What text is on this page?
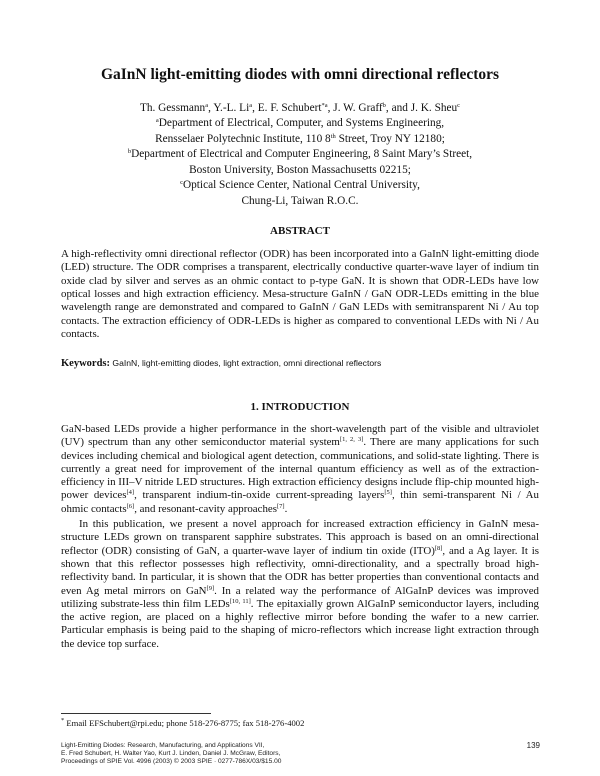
GaInN light-emitting diodes with omni directional reflectors
Th. Gessmann$^a$, Y.-L. Li$^a$, E. F. Schubert$^{*a}$, J. W. Graff$^b$, and J. K. Sheu$^c$
$^a$Department of Electrical, Computer, and Systems Engineering,
Rensselaer Polytechnic Institute, 110 8th Street, Troy NY 12180;
$^b$Department of Electrical and Computer Engineering, 8 Saint Mary’s Street,
Boston University, Boston Massachusetts 02215;
$^c$Optical Science Center, National Central University,
Chung-Li, Taiwan R.O.C.
ABSTRACT
A high-reflectivity omni directional reflector (ODR) has been incorporated into a GaInN light-emitting diode (LED) structure. The ODR comprises a transparent, electrically conductive quarter-wave layer of indium tin oxide clad by silver and serves as an ohmic contact to p-type GaN. It is shown that ODR-LEDs have low optical losses and high extraction efficiency. Mesa-structure GaInN / GaN ODR-LEDs emitting in the blue wavelength range are demonstrated and compared to GaInN / GaN LEDs with semitransparent Ni / Au top contacts. The extraction efficiency of ODR-LEDs is higher as compared to conventional LEDs with Ni / Au contacts.
Keywords: GaInN, light-emitting diodes, light extraction, omni directional reflectors
1. INTRODUCTION

GaN-based LEDs provide a higher performance in the short-wavelength part of the visible and ultraviolet (UV) spectrum than any other semiconductor material system[1, 2, 3]. There are many applications for such devices including chemical and biological agent detection, communications, and solid-state lighting. There is currently a great need for improvement of the internal quantum efficiency as well as of the extraction-efficiency in III–V nitride LED structures. High extraction efficiency designs include flip-chip mounted high-power devices[4], transparent indium-tin-oxide current-spreading layers[5], thin semi-transparent Ni / Au ohmic contacts[6], and resonant-cavity approaches[7].

In this publication, we present a novel approach for increased extraction efficiency in GaInN mesa-structure LEDs grown on transparent sapphire substrates. This approach is based on an omni-directional reflector (ODR) consisting of GaN, a quarter-wave layer of indium tin oxide (ITO)[8], and a Ag layer. It is shown that this reflector possesses high reflectivity, omni-directionality, and a spectrally broad high-reflectivity band. In particular, it is shown that the ODR has better properties than conventional contacts and even Ag metal mirrors on GaN[9]. In a related way the performance of AlGaInP devices was improved utilizing substrate-less thin film LEDs[10, 11]. The epitaxially grown AlGaInP semiconductor layers, including the active region, are placed on a highly reflective mirror before bonding the wafer to a new carrier. Particular emphasis is being paid to the shaping of micro-reflectors which increase light extraction through the device top surface.

* Email EFSchubert@rpi.edu; phone 518-276-8775; fax 518-276-4002
Light-Emitting Diodes: Research, Manufacturing, and Applications VII,
E. Fred Schubert, H. Walter Yao, Kurt J. Linden, Daniel J. McGraw, Editors,
Proceedings of SPIE Vol. 4996 (2003) © 2003 SPIE · 0277-786X/03/$15.00
139
